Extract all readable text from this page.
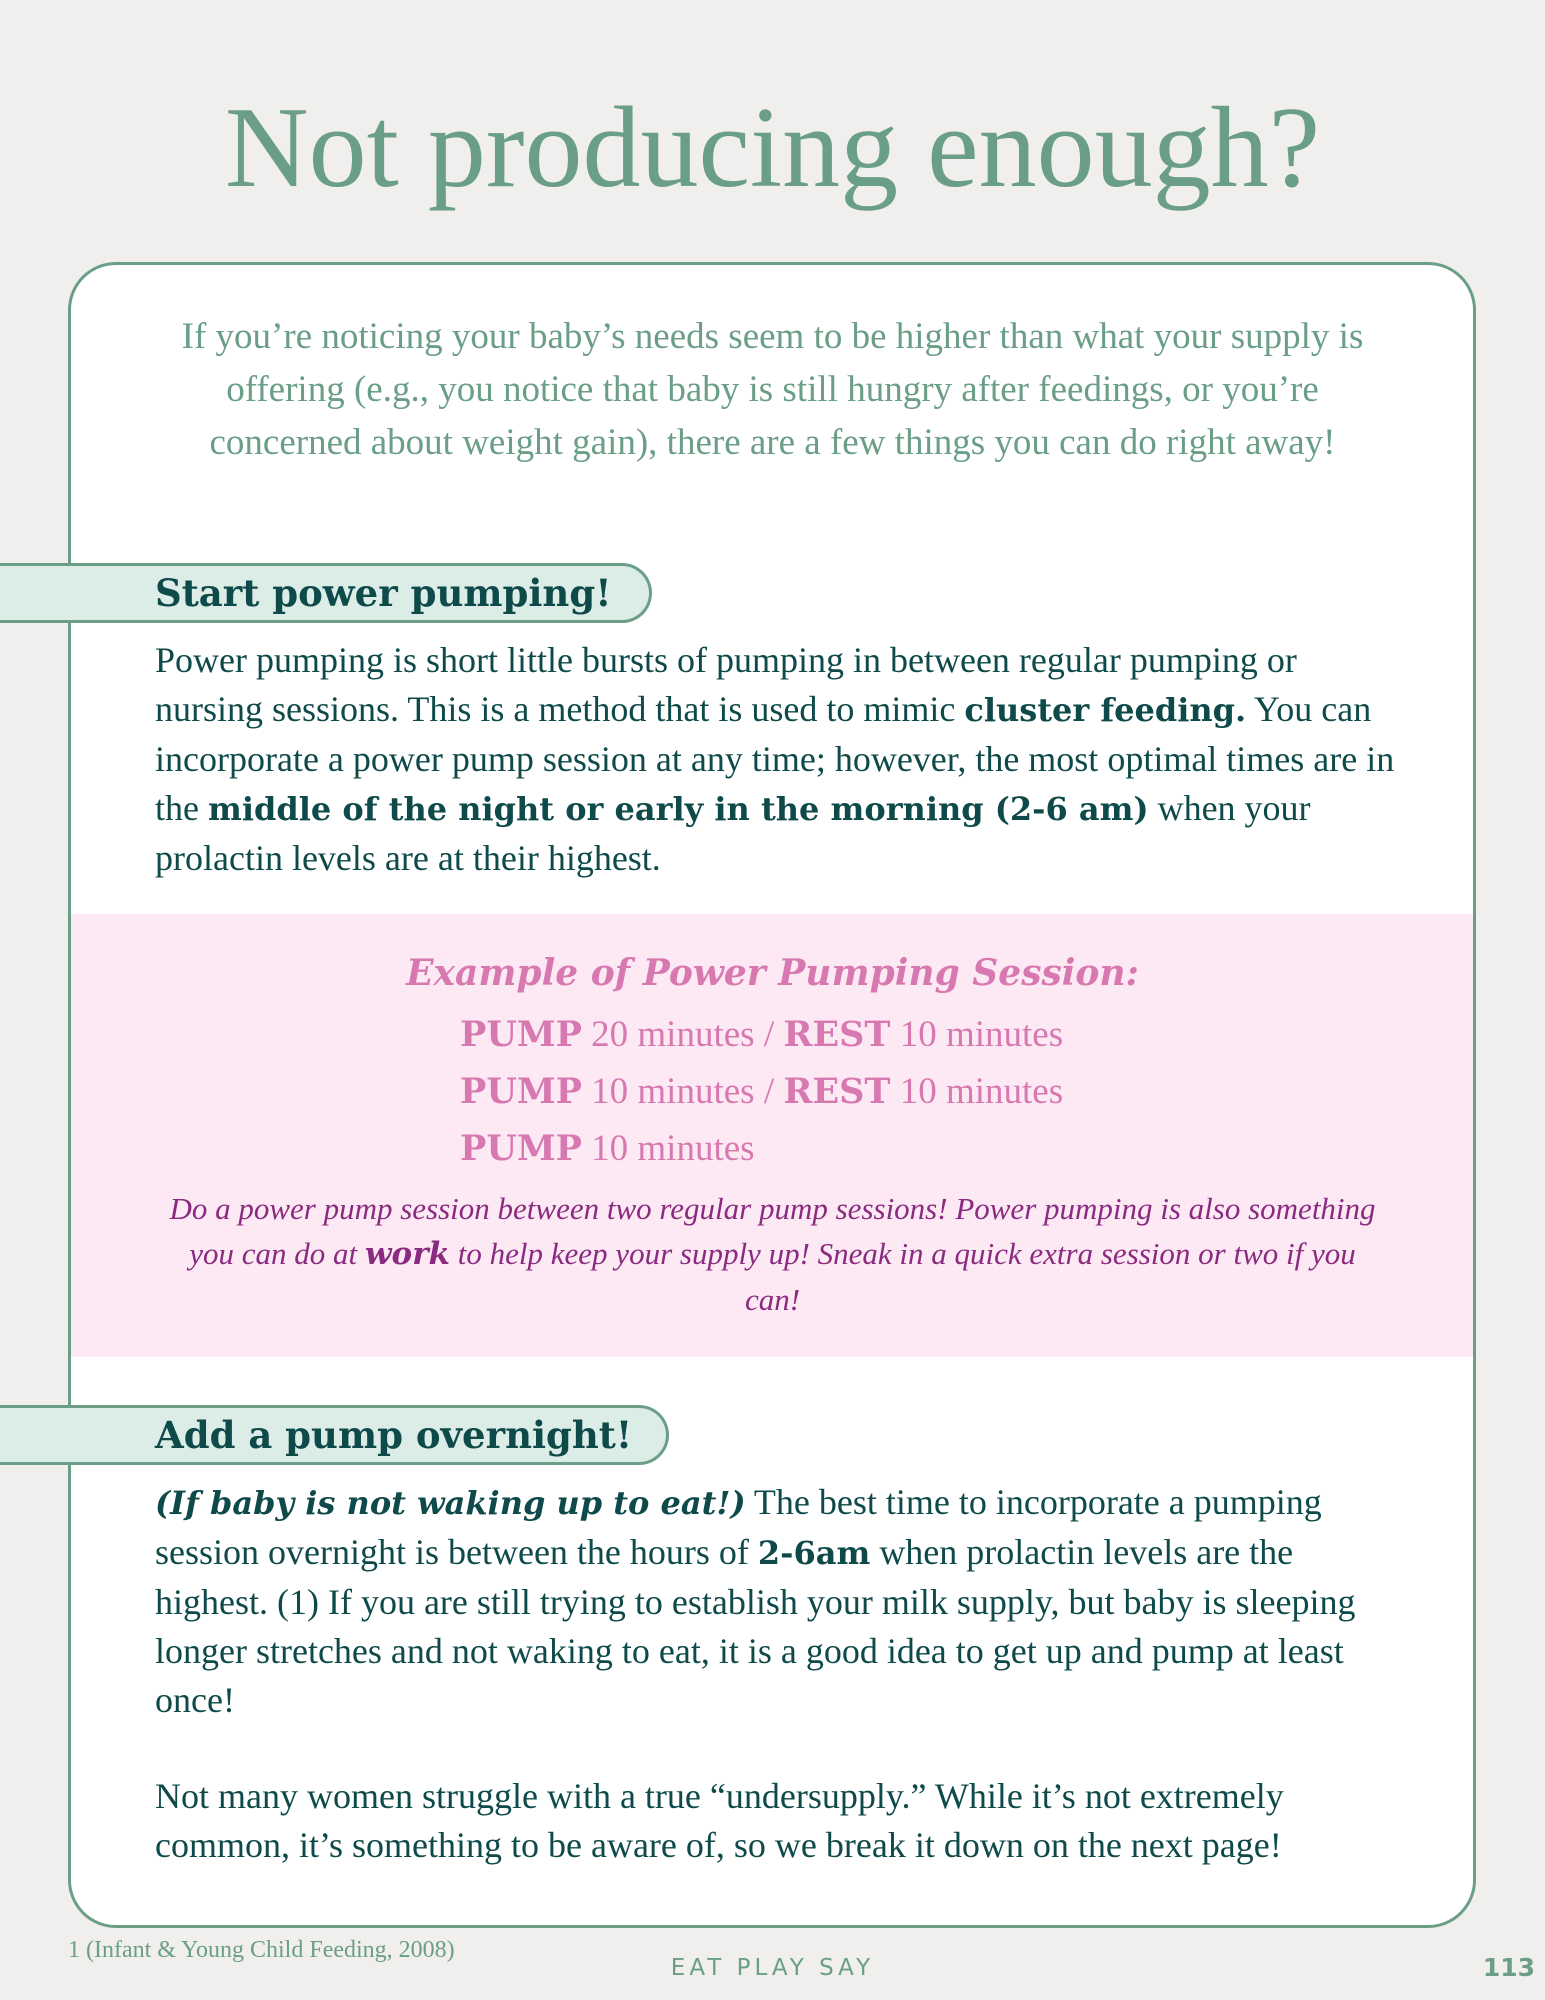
Not producing enough?

If you’re noticing your baby’s needs seem to be higher than what your supply is offering (e.g., you notice that baby is still hungry after feedings, or you’re concerned about weight gain), there are a few things you can do right away!

Start power pumping!

Power pumping is short little bursts of pumping in between regular pumping or nursing sessions. This is a method that is used to mimic cluster feeding. You can incorporate a power pump session at any time; however, the most optimal times are in the middle of the night or early in the morning (2-6 am) when your prolactin levels are at their highest.

Example of Power Pumping Session:

PUMP 20 minutes / REST 10 minutes
PUMP 10 minutes / REST 10 minutes
PUMP 10 minutes

Do a power pump session between two regular pump sessions! Power pumping is also something you can do at work to help keep your supply up! Sneak in a quick extra session or two if you can!

Add a pump overnight!

(If baby is not waking up to eat!) The best time to incorporate a pumping session overnight is between the hours of 2-6am when prolactin levels are the highest. (1) If you are still trying to establish your milk supply, but baby is sleeping longer stretches and not waking to eat, it is a good idea to get up and pump at least once!

Not many women struggle with a true “undersupply.” While it’s not extremely common, it’s something to be aware of, so we break it down on the next page!

1 (Infant & Young Child Feeding, 2008)
EAT PLAY SAY	113
